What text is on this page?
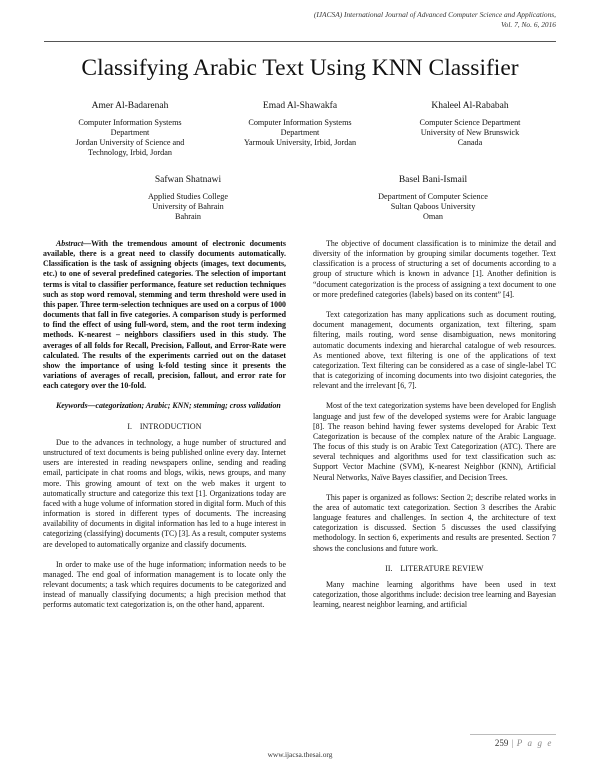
(IJACSA) International Journal of Advanced Computer Science and Applications,
Vol. 7, No. 6, 2016
Classifying Arabic Text Using KNN Classifier
Amer Al-Badarenah
Computer Information Systems
Department
Jordan University of Science and
Technology, Irbid, Jordan
Emad Al-Shawakfa
Computer Information Systems
Department
Yarmouk University, Irbid, Jordan
Khaleel Al-Rababah
Computer Science Department
University of New Brunswick
Canada
Safwan Shatnawi
Applied Studies College
University of Bahrain
Bahrain
Basel Bani-Ismail
Department of Computer Science
Sultan Qaboos University
Oman

Abstract—With the tremendous amount of electronic documents available, there is a great need to classify documents automatically. Classification is the task of assigning objects (images, text documents, etc.) to one of several predefined categories. The selection of important terms is vital to classifier performance, feature set reduction techniques such as stop word removal, stemming and term threshold were used in this paper. Three term-selection techniques are used on a corpus of 1000 documents that fall in five categories. A comparison study is performed to find the effect of using full-word, stem, and the root term indexing methods. K-nearest – neighbors classifiers used in this study. The averages of all folds for Recall, Precision, Fallout, and Error-Rate were calculated. The results of the experiments carried out on the dataset show the importance of using k-fold testing since it presents the variations of averages of recall, precision, fallout, and error rate for each category over the 10-fold.

Keywords—categorization; Arabic; KNN; stemming; cross validation

I. INTRODUCTION

Due to the advances in technology, a huge number of structured and unstructured of text documents is being published online every day. Internet users are interested in reading newspapers online, sending and reading email, participate in chat rooms and blogs, wikis, news groups, and many more. This growing amount of text on the web makes it urgent to automatically structure and categorize this text [1]. Organizations today are faced with a huge volume of information stored in digital form. Much of this information is stored in different types of documents. The increasing availability of documents in digital information has led to a huge interest in categorizing (classifying) documents (TC) [3]. As a result, computer systems are developed to automatically organize and classify documents.

In order to make use of the huge information; information needs to be managed. The end goal of information management is to locate only the relevant documents; a task which requires documents to be categorized and instead of manually classifying documents; a high precision method that performs automatic text categorization is, on the other hand, apparent.

The objective of document classification is to minimize the detail and diversity of the information by grouping similar documents together. Text classification is a process of structuring a set of documents according to a group of structure which is known in advance [1]. Another definition is “document categorization is the process of assigning a text document to one or more predefined categories (labels) based on its content” [4].

Text categorization has many applications such as document routing, document management, documents organization, text filtering, spam filtering, mails routing, word sense disambiguation, news monitoring automatic documents indexing and hierarchal catalogue of web resources. As mentioned above, text filtering is one of the applications of text categorization. Text filtering can be considered as a case of single-label TC that is categorizing of incoming documents into two disjoint categories, the relevant and the irrelevant [6, 7].

Most of the text categorization systems have been developed for English language and just few of the developed systems were for Arabic language [8]. The reason behind having fewer systems developed for Arabic Text Categorization is because of the complex nature of the Arabic Language. The focus of this study is on Arabic Text Categorization (ATC). There are several techniques and algorithms used for text classification such as: Support Vector Machine (SVM), K-nearest Neighbor (KNN), Artificial Neural Networks, Naïve Bayes classifier, and Decision Trees.

This paper is organized as follows: Section 2; describe related works in the area of automatic text categorization. Section 3 describes the Arabic language features and challenges. In section 4, the architecture of text categorization is discussed. Section 5 discusses the used classifying methodology. In section 6, experiments and results are presented. Section 7 shows the conclusions and future work.

II. LITERATURE REVIEW

Many machine learning algorithms have been used in text categorization, those algorithms include: decision tree learning and Bayesian learning, nearest neighbor learning, and artificial

259 | P a g e
www.ijacsa.thesai.org
